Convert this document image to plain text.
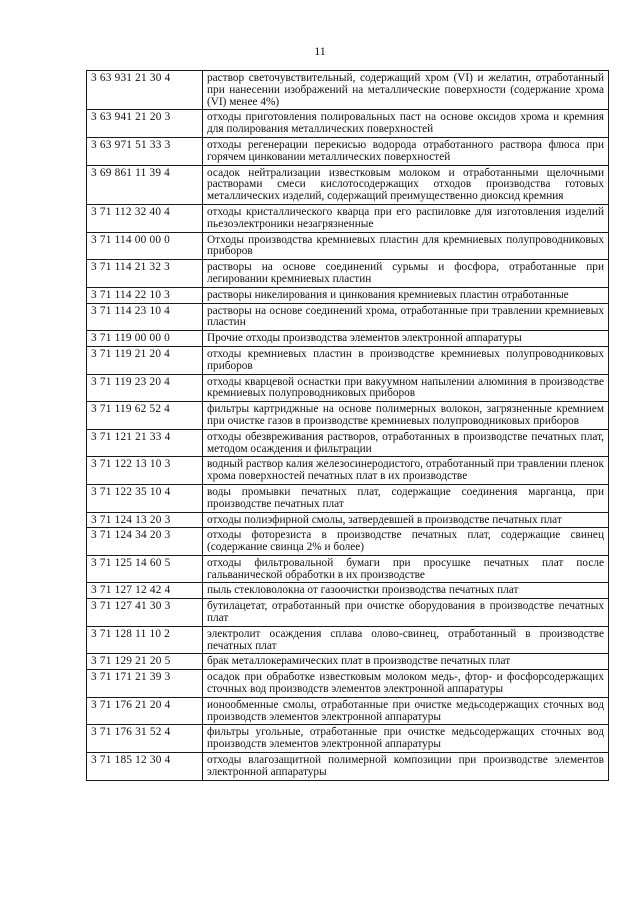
11
3 63 931 21 30 4	раствор светочувствительный, содержащий хром (VI) и желатин, отработанный при нанесении изображений на металлические поверхности (содержание хрома (VI) менее 4%)
3 63 941 21 20 3	отходы приготовления полировальных паст на основе оксидов хрома и кремния для полирования металлических поверхностей
3 63 971 51 33 3	отходы регенерации перекисью водорода отработанного раствора флюса при горячем цинковании металлических поверхностей
3 69 861 11 39 4	осадок нейтрализации известковым молоком и отработанными щелочными растворами смеси кислотосодержащих отходов производства готовых металлических изделий, содержащий преимущественно диоксид кремния
3 71 112 32 40 4	отходы кристаллического кварца при его распиловке для изготовления изделий пьезоэлектроники незагрязненные
3 71 114 00 00 0	Отходы производства кремниевых пластин для кремниевых полупроводниковых приборов
3 71 114 21 32 3	растворы на основе соединений сурьмы и фосфора, отработанные при легировании кремниевых пластин
3 71 114 22 10 3	растворы никелирования и цинкования кремниевых пластин отработанные
3 71 114 23 10 4	растворы на основе соединений хрома, отработанные при травлении кремниевых пластин
3 71 119 00 00 0	Прочие отходы производства элементов электронной аппаратуры
3 71 119 21 20 4	отходы кремниевых пластин в производстве кремниевых полупроводниковых приборов
3 71 119 23 20 4	отходы кварцевой оснастки при вакуумном напылении алюминия в производстве кремниевых полупроводниковых приборов
3 71 119 62 52 4	фильтры картриджные на основе полимерных волокон, загрязненные кремнием при очистке газов в производстве кремниевых полупроводниковых приборов
3 71 121 21 33 4	отходы обезвреживания растворов, отработанных в производстве печатных плат, методом осаждения и фильтрации
3 71 122 13 10 3	водный раствор калия железосинеродистого, отработанный при травлении пленок хрома поверхностей печатных плат в их производстве
3 71 122 35 10 4	воды промывки печатных плат, содержащие соединения марганца, при производстве печатных плат
3 71 124 13 20 3	отходы полиэфирной смолы, затвердевшей в производстве печатных плат
3 71 124 34 20 3	отходы фоторезиста в производстве печатных плат, содержащие свинец (содержание свинца 2% и более)
3 71 125 14 60 5	отходы фильтровальной бумаги при просушке печатных плат после гальванической обработки в их производстве
3 71 127 12 42 4	пыль стекловолокна от газоочистки производства печатных плат
3 71 127 41 30 3	бутилацетат, отработанный при очистке оборудования в производстве печатных плат
3 71 128 11 10 2	электролит осаждения сплава олово-свинец, отработанный в производстве печатных плат
3 71 129 21 20 5	брак металлокерамических плат в производстве печатных плат
3 71 171 21 39 3	осадок при обработке известковым молоком медь-, фтор- и фосфорсодержащих сточных вод производств элементов электронной аппаратуры
3 71 176 21 20 4	ионообменные смолы, отработанные при очистке медьсодержащих сточных вод производств элементов электронной аппаратуры
3 71 176 31 52 4	фильтры угольные, отработанные при очистке медьсодержащих сточных вод производств элементов электронной аппаратуры
3 71 185 12 30 4	отходы влагозащитной полимерной композиции при производстве элементов электронной аппаратуры
